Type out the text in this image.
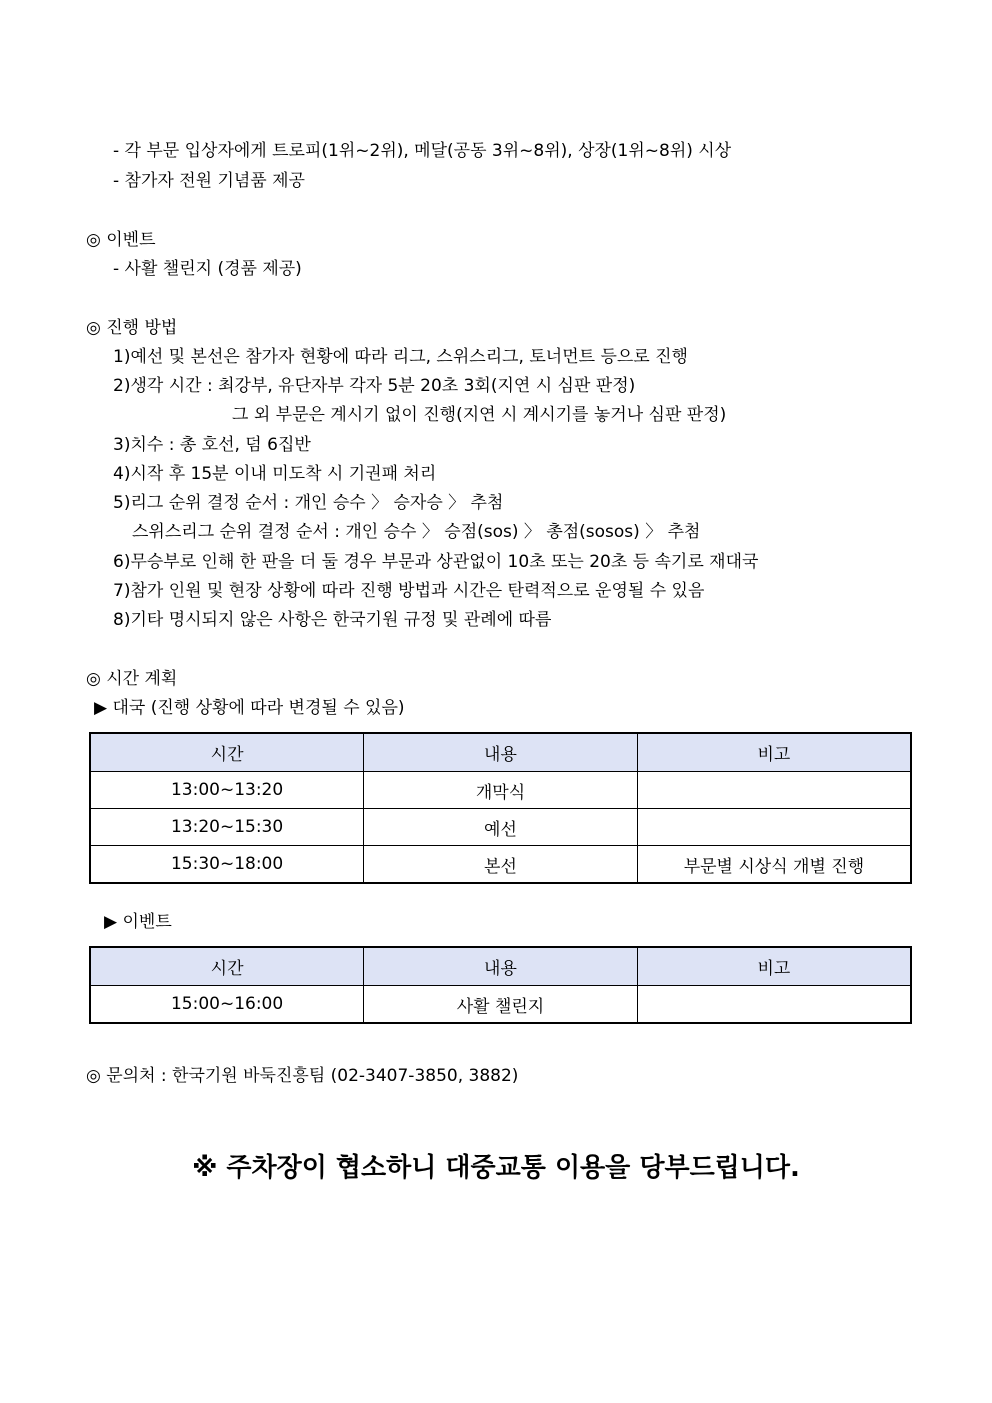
- 각 부문 입상자에게 트로피(1위~2위), 메달(공동 3위~8위), 상장(1위~8위) 시상
- 참가자 전원 기념품 제공
◎ 이벤트
- 사활 챌린지 (경품 제공)
◎ 진행 방법
1)예선 및 본선은 참가자 현황에 따라 리그, 스위스리그, 토너먼트 등으로 진행
2)생각 시간 : 최강부, 유단자부 각자 5분 20초 3회(지연 시 심판 판정)
그 외 부문은 계시기 없이 진행(지연 시 계시기를 놓거나 심판 판정)
3)치수 : 총 호선, 덤 6집반
4)시작 후 15분 이내 미도착 시 기권패 처리
5)리그 순위 결정 순서 : 개인 승수 〉 승자승 〉 추첨
스위스리그 순위 결정 순서 : 개인 승수 〉 승점(sos) 〉 총점(sosos) 〉 추첨
6)무승부로 인해 한 판을 더 둘 경우 부문과 상관없이 10초 또는 20초 등 속기로 재대국
7)참가 인원 및 현장 상황에 따라 진행 방법과 시간은 탄력적으로 운영될 수 있음
8)기타 명시되지 않은 사항은 한국기원 규정 및 관례에 따름
◎ 시간 계획
▶ 대국 (진행 상황에 따라 변경될 수 있음)
시간	내용	비고
13:00~13:20	개막식	
13:20~15:30	예선	
15:30~18:00	본선	부문별 시상식 개별 진행
▶ 이벤트
시간	내용	비고
15:00~16:00	사활 챌린지	
◎ 문의처 : 한국기원 바둑진흥팀 (02-3407-3850, 3882)
※ 주차장이 협소하니 대중교통 이용을 당부드립니다.
